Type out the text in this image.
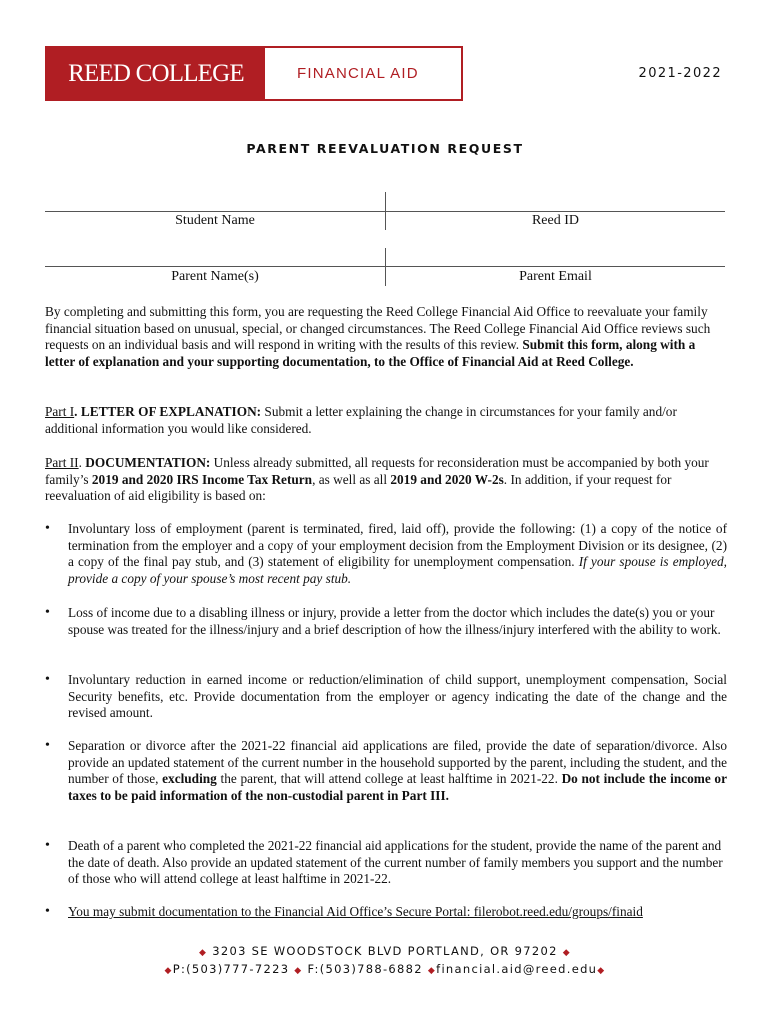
REED COLLEGE	FINANCIAL AID	2021-2022
PARENT REEVALUATION REQUEST
Student Name	Reed ID
Parent Name(s)	Parent Email

By completing and submitting this form, you are requesting the Reed College Financial Aid Office to reevaluate your family financial situation based on unusual, special, or changed circumstances. The Reed College Financial Aid Office reviews such requests on an individual basis and will respond in writing with the results of this review. Submit this form, along with a letter of explanation and your supporting documentation, to the Office of Financial Aid at Reed College.

Part I. LETTER OF EXPLANATION: Submit a letter explaining the change in circumstances for your family and/or additional information you would like considered.

Part II. DOCUMENTATION: Unless already submitted, all requests for reconsideration must be accompanied by both your family’s 2019 and 2020 IRS Income Tax Return, as well as all 2019 and 2020 W-2s. In addition, if your request for reevaluation of aid eligibility is based on:

•	Involuntary loss of employment (parent is terminated, fired, laid off), provide the following: (1) a copy of the notice of termination from the employer and a copy of your employment decision from the Employment Division or its designee, (2) a copy of the final pay stub, and (3) statement of eligibility for unemployment compensation. If your spouse is employed, provide a copy of your spouse’s most recent pay stub.
•	Loss of income due to a disabling illness or injury, provide a letter from the doctor which includes the date(s) you or your spouse was treated for the illness/injury and a brief description of how the illness/injury interfered with the ability to work.
•	Involuntary reduction in earned income or reduction/elimination of child support, unemployment compensation, Social Security benefits, etc. Provide documentation from the employer or agency indicating the date of the change and the revised amount.
•	Separation or divorce after the 2021-22 financial aid applications are filed, provide the date of separation/divorce. Also provide an updated statement of the current number in the household supported by the parent, including the student, and the number of those, excluding the parent, that will attend college at least halftime in 2021-22. Do not include the income or taxes to be paid information of the non-custodial parent in Part III.
•	Death of a parent who completed the 2021-22 financial aid applications for the student, provide the name of the parent and the date of death. Also provide an updated statement of the current number of family members you support and the number of those who will attend college at least halftime in 2021-22.
•	You may submit documentation to the Financial Aid Office’s Secure Portal: filerobot.reed.edu/groups/finaid
◆ 3203 SE WOODSTOCK BLVD PORTLAND, OR 97202 ◆
◆P:(503)777-7223 ◆ F:(503)788-6882 ◆financial.aid@reed.edu◆
